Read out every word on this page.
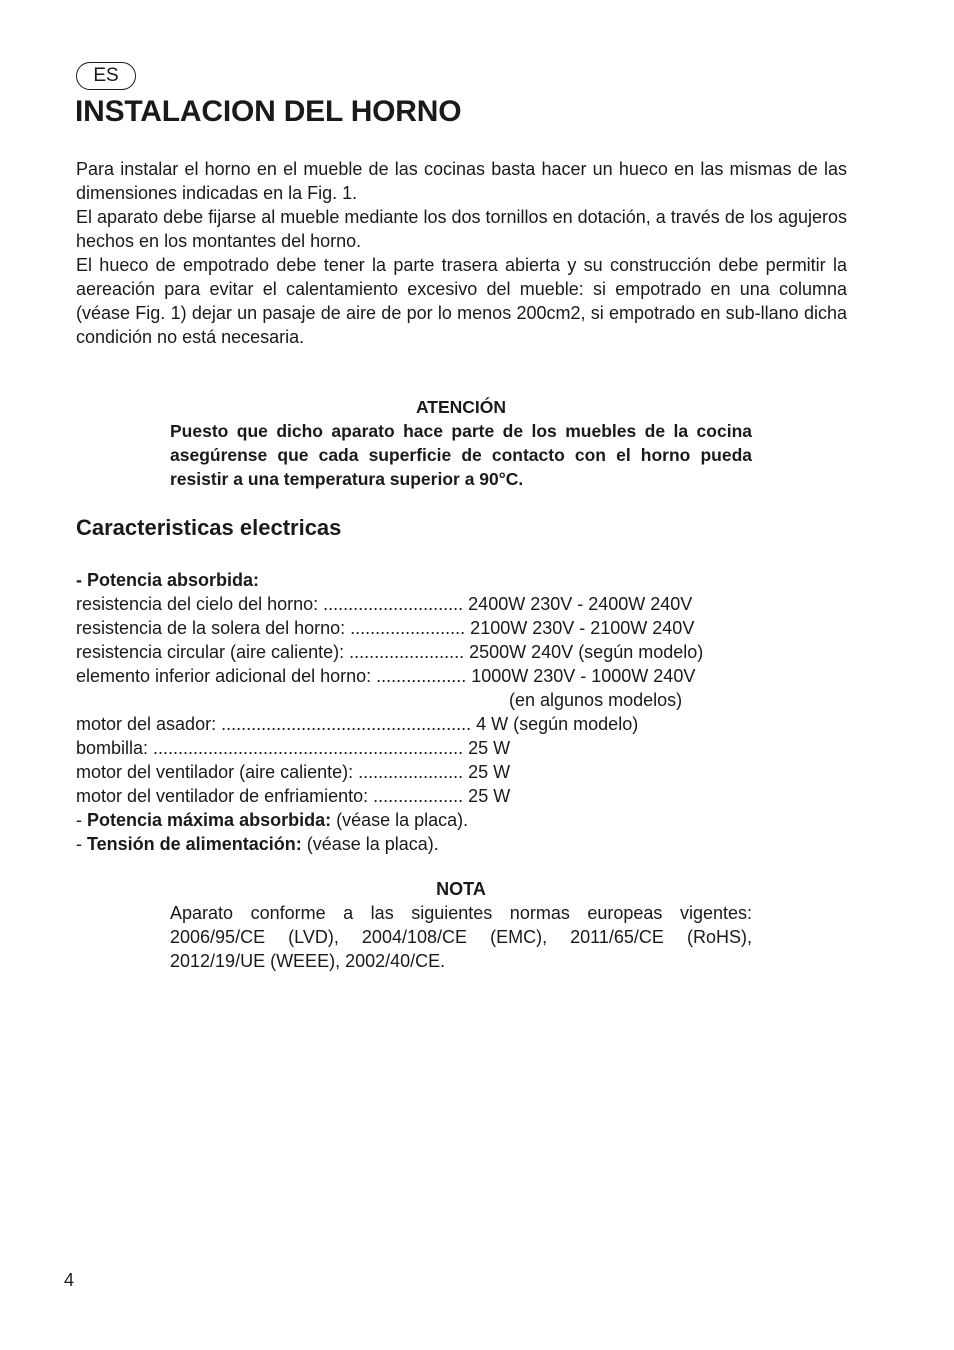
ES
INSTALACION DEL HORNO

Para instalar el horno en el mueble de las cocinas basta hacer un hueco en las mismas de las dimensiones indicadas en la Fig. 1.

El aparato debe fijarse al mueble mediante los dos tornillos en dotación, a través de los agujeros hechos en los montantes del horno.

El hueco de empotrado debe tener la parte trasera abierta y su construcción debe permitir la aereación para evitar el calentamiento excesivo del mueble: si empotrado en una columna (véase Fig. 1) dejar un pasaje de aire de por lo menos 200cm2, si empotrado en sub-llano dicha condición no está necesaria.

ATENCIÓN
Puesto que dicho aparato hace parte de los muebles de la cocina asegúrense que cada superficie de contacto con el horno pueda resistir a una temperatura superior a 90°C.
Caracteristicas electricas
- Potencia absorbida:
resistencia del cielo del horno: ............................ 2400W 230V - 2400W 240V
resistencia de la solera del horno: ....................... 2100W 230V - 2100W 240V
resistencia circular (aire caliente): ....................... 2500W 240V (según modelo)
elemento inferior adicional del horno: .................. 1000W 230V - 1000W 240V
(en algunos modelos)
motor del asador: .................................................. 4 W (según modelo)
bombilla: .............................................................. 25 W
motor del ventilador (aire caliente): ..................... 25 W
motor del ventilador de enfriamiento: .................. 25 W
- Potencia máxima absorbida: (véase la placa).
- Tensión de alimentación: (véase la placa).
NOTA
Aparato conforme a las siguientes normas europeas vigentes: 2006/95/CE (LVD), 2004/108/CE (EMC), 2011/65/CE (RoHS), 2012/19/UE (WEEE), 2002/40/CE.
4
